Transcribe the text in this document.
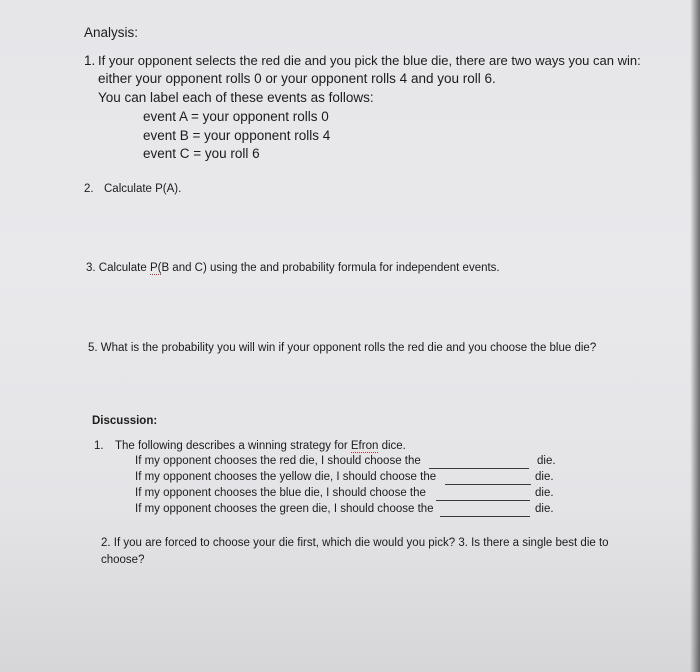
Analysis:
1. If your opponent selects the red die and you pick the blue die, there are two ways you can win:
either your opponent rolls 0 or your opponent rolls 4 and you roll 6.
You can label each of these events as follows:
event A = your opponent rolls 0
event B = your opponent rolls 4
event C = you roll 6
2. Calculate P(A).
3. Calculate P(B and C) using the and probability formula for independent events.
5. What is the probability you will win if your opponent rolls the red die and you choose the blue die?
Discussion:
1. The following describes a winning strategy for Efron dice.
If my opponent chooses the red die, I should choose the	die.
If my opponent chooses the yellow die, I should choose the	die.
If my opponent chooses the blue die, I should choose the	die.
If my opponent chooses the green die, I should choose the	die.
2. If you are forced to choose your die first, which die would you pick? 3. Is there a single best die to
choose?
